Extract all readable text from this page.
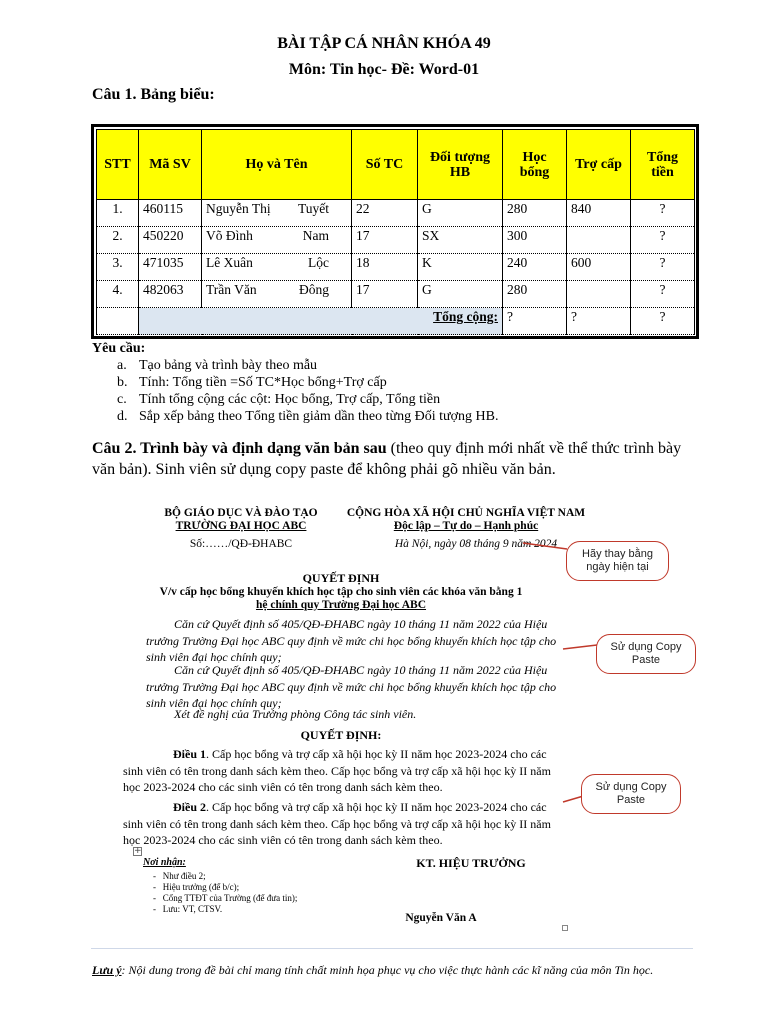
BÀI TẬP CÁ NHÂN KHÓA 49
Môn: Tin học- Đề: Word-01
Câu 1. Bảng biểu:
STT	Mã SV	Họ và Tên	Số TC	Đối tượng HB	Học bổng	Trợ cấp	Tổng tiền
1.	460115	Nguyễn Thị Tuyết	22	G	280	840	?
2.	450220	Võ Đình Nam	17	SX	300		?
3.	471035	Lê Xuân Lộc	18	K	240	600	?
4.	482063	Trần Văn Đông	17	G	280		?
	Tổng cộng:				?	?	?
Yêu cầu:
a. Tạo bảng và trình bày theo mẫu
b. Tính: Tổng tiền =Số TC*Học bổng+Trợ cấp
c. Tính tổng cộng các cột: Học bổng, Trợ cấp, Tổng tiền
d. Sắp xếp bảng theo Tổng tiền giảm dần theo từng Đối tượng HB.
Câu 2. Trình bày và định dạng văn bản sau (theo quy định mới nhất về thể thức trình bày văn bản). Sinh viên sử dụng copy paste để không phải gõ nhiều văn bản.
BỘ GIÁO DỤC VÀ ĐÀO TẠO
TRƯỜNG ĐẠI HỌC ABC
Số:……/QĐ-ĐHABC
CỘNG HÒA XÃ HỘI CHỦ NGHĨA VIỆT NAM
Độc lập – Tự do – Hạnh phúc
Hà Nội, ngày 08 tháng 9 năm 2024
QUYẾT ĐỊNH
V/v cấp học bổng khuyến khích học tập cho sinh viên các khóa văn bằng 1
hệ chính quy Trường Đại học ABC
Căn cứ Quyết định số 405/QĐ-ĐHABC ngày 10 tháng 11 năm 2022 của Hiệu trưởng Trường Đại học ABC quy định về mức chi học bổng khuyến khích học tập cho sinh viên đại học chính quy;
Căn cứ Quyết định số 405/QĐ-ĐHABC ngày 10 tháng 11 năm 2022 của Hiệu trưởng Trường Đại học ABC quy định về mức chi học bổng khuyến khích học tập cho sinh viên đại học chính quy;
Xét đề nghị của Trưởng phòng Công tác sinh viên.
QUYẾT ĐỊNH:
Điều 1. Cấp học bổng và trợ cấp xã hội học kỳ II năm học 2023-2024 cho các sinh viên có tên trong danh sách kèm theo. Cấp học bổng và trợ cấp xã hội học kỳ II năm học 2023-2024 cho các sinh viên có tên trong danh sách kèm theo.
Điều 2. Cấp học bổng và trợ cấp xã hội học kỳ II năm học 2023-2024 cho các sinh viên có tên trong danh sách kèm theo. Cấp học bổng và trợ cấp xã hội học kỳ II năm học 2023-2024 cho các sinh viên có tên trong danh sách kèm theo.
+
Nơi nhận:
-   Như điều 2;
-   Hiệu trưởng (để b/c);
-   Cổng TTĐT của Trường (để đưa tin);
-   Lưu: VT, CTSV.
KT. HIỆU TRƯỞNG
Nguyễn Văn A
Hãy thay bằng ngày hiện tại
Sử dụng Copy Paste
Sử dụng Copy Paste
Lưu ý: Nội dung trong đề bài chỉ mang tính chất minh họa phục vụ cho việc thực hành các kĩ năng của môn Tin học.
